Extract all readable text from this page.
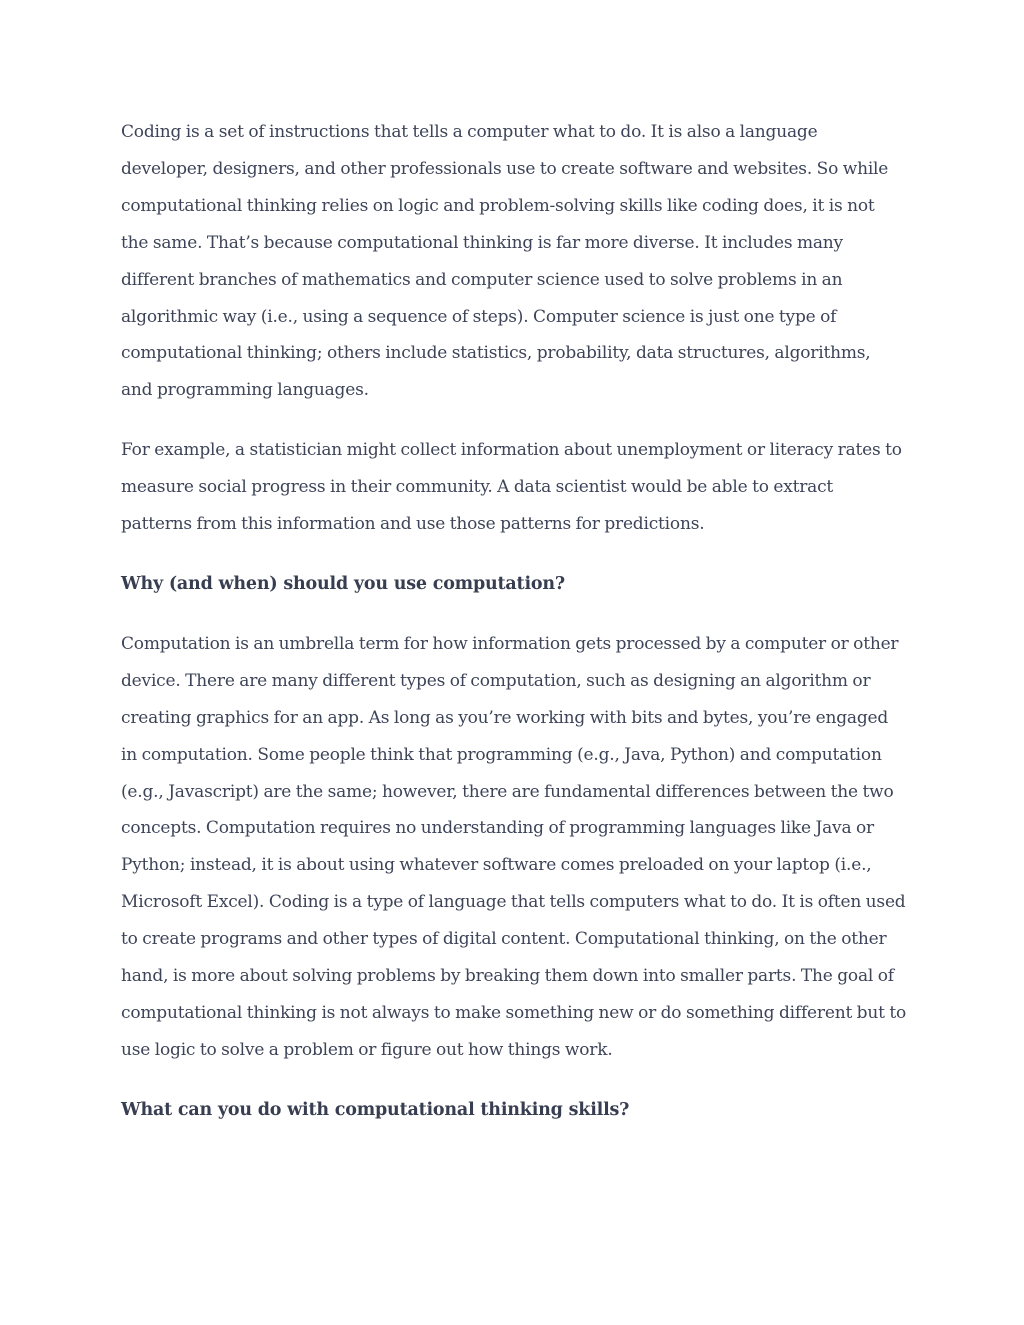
Coding is a set of instructions that tells a computer what to do. It is also a language developer, designers, and other professionals use to create software and websites. So while computational thinking relies on logic and problem-solving skills like coding does, it is not the same. That’s because computational thinking is far more diverse. It includes many different branches of mathematics and computer science used to solve problems in an algorithmic way (i.e., using a sequence of steps). Computer science is just one type of computational thinking; others include statistics, probability, data structures, algorithms, and programming languages.

For example, a statistician might collect information about unemployment or literacy rates to measure social progress in their community. A data scientist would be able to extract patterns from this information and use those patterns for predictions.

Why (and when) should you use computation?

Computation is an umbrella term for how information gets processed by a computer or other device. There are many different types of computation, such as designing an algorithm or creating graphics for an app. As long as you’re working with bits and bytes, you’re engaged in computation. Some people think that programming (e.g., Java, Python) and computation (e.g., Javascript) are the same; however, there are fundamental differences between the two concepts. Computation requires no understanding of programming languages like Java or Python; instead, it is about using whatever software comes preloaded on your laptop (i.e., Microsoft Excel). Coding is a type of language that tells computers what to do. It is often used to create programs and other types of digital content. Computational thinking, on the other hand, is more about solving problems by breaking them down into smaller parts. The goal of computational thinking is not always to make something new or do something different but to use logic to solve a problem or figure out how things work.

What can you do with computational thinking skills?
